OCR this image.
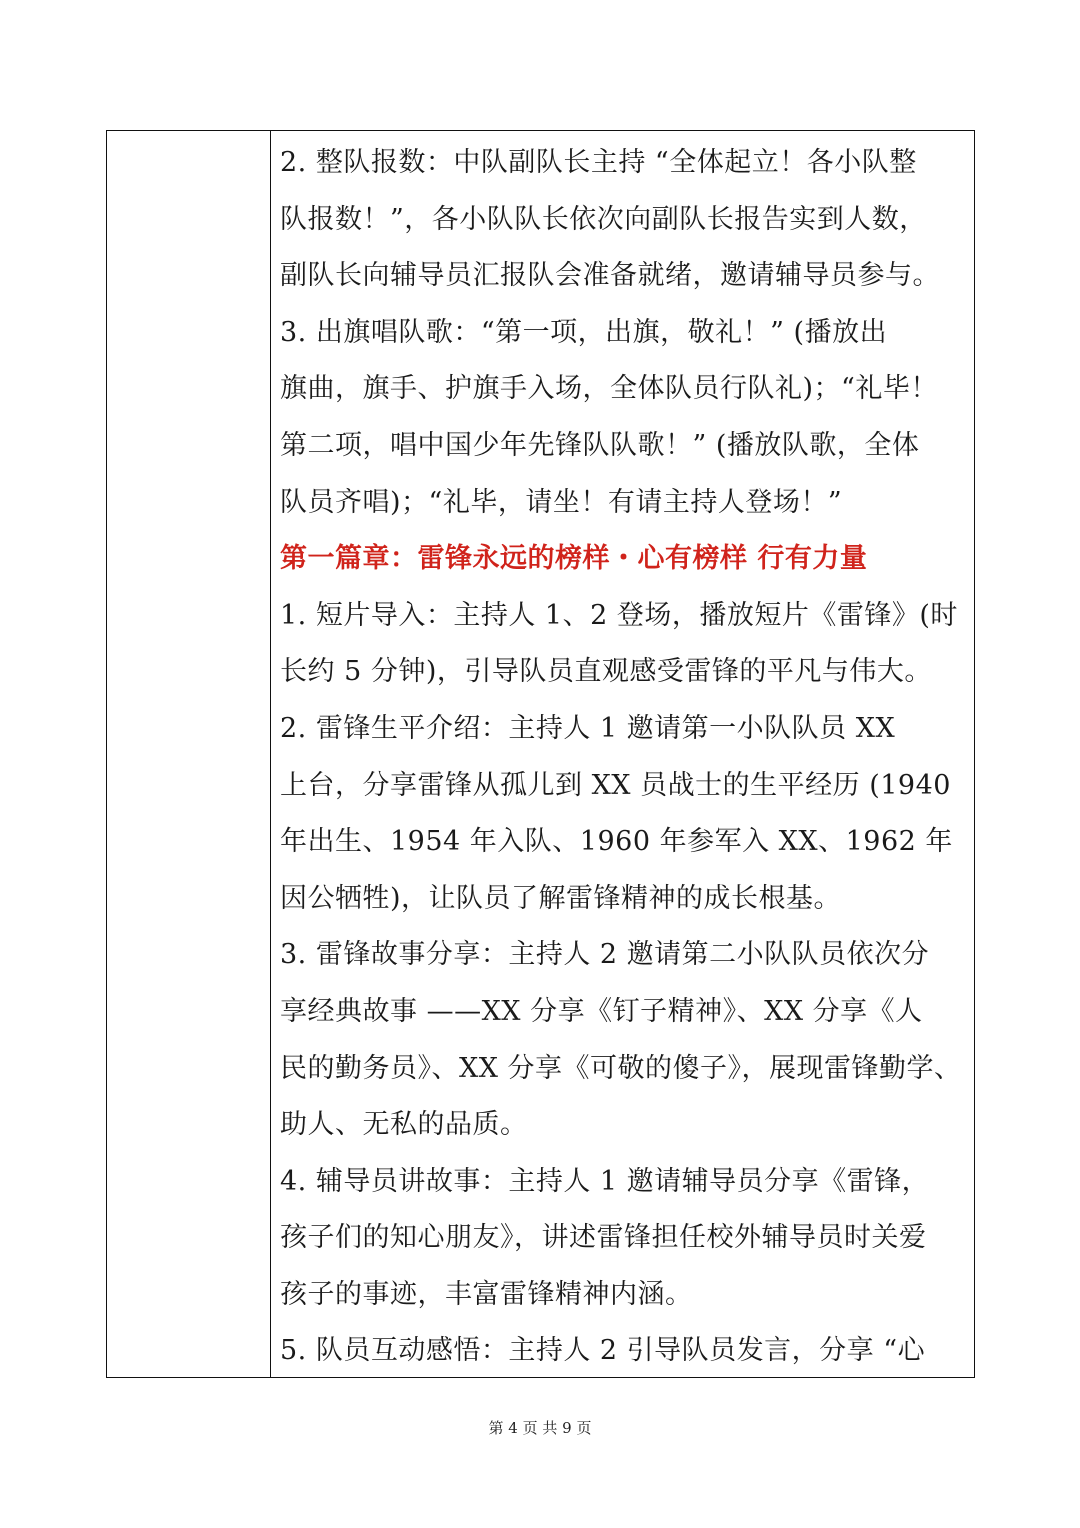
2. 整队报数：中队副队长主持 “全体起立！各小队整
队报数！”，各小队队长依次向副队长报告实到人数，
副队长向辅导员汇报队会准备就绪，邀请辅导员参与。
3. 出旗唱队歌：“第一项，出旗，敬礼！” (播放出
旗曲，旗手、护旗手入场，全体队员行队礼)；“礼毕！
第二项，唱中国少年先锋队队歌！” (播放队歌，全体
队员齐唱)；“礼毕，请坐！有请主持人登场！”
第一篇章：雷锋永远的榜样・心有榜样 行有力量
1. 短片导入：主持人 1、2 登场，播放短片《雷锋》(时
长约 5 分钟)，引导队员直观感受雷锋的平凡与伟大。
2. 雷锋生平介绍：主持人 1 邀请第一小队队员 XX
上台，分享雷锋从孤儿到 XX 员战士的生平经历 (1940
年出生、1954 年入队、1960 年参军入 XX、1962 年
因公牺牲)，让队员了解雷锋精神的成长根基。
3. 雷锋故事分享：主持人 2 邀请第二小队队员依次分
享经典故事 ——XX 分享《钉子精神》、XX 分享《人
民的勤务员》、XX 分享《可敬的傻子》，展现雷锋勤学、
助人、无私的品质。
4. 辅导员讲故事：主持人 1 邀请辅导员分享《雷锋，
孩子们的知心朋友》，讲述雷锋担任校外辅导员时关爱
孩子的事迹，丰富雷锋精神内涵。
5. 队员互动感悟：主持人 2 引导队员发言，分享 “心
第 4 页 共 9 页
